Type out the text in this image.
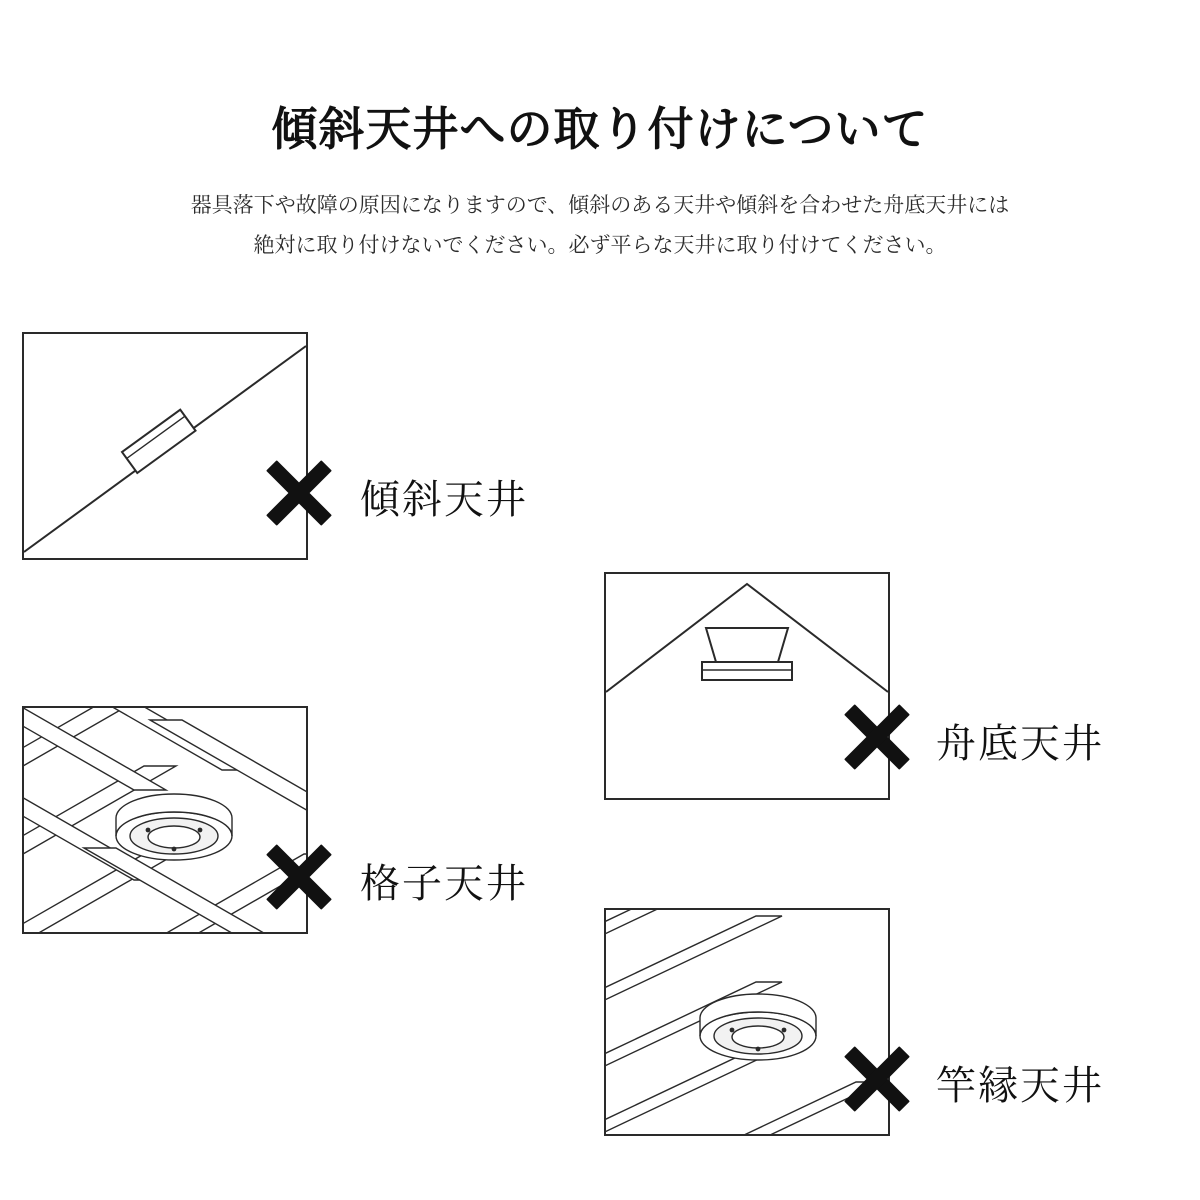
傾斜天井への取り付けについて

器具落下や故障の原因になりますので、傾斜のある天井や傾斜を合わせた舟底天井には
絶対に取り付けないでください。必ず平らな天井に取り付けてください。

傾斜天井
舟底天井
格子天井
竿縁天井
